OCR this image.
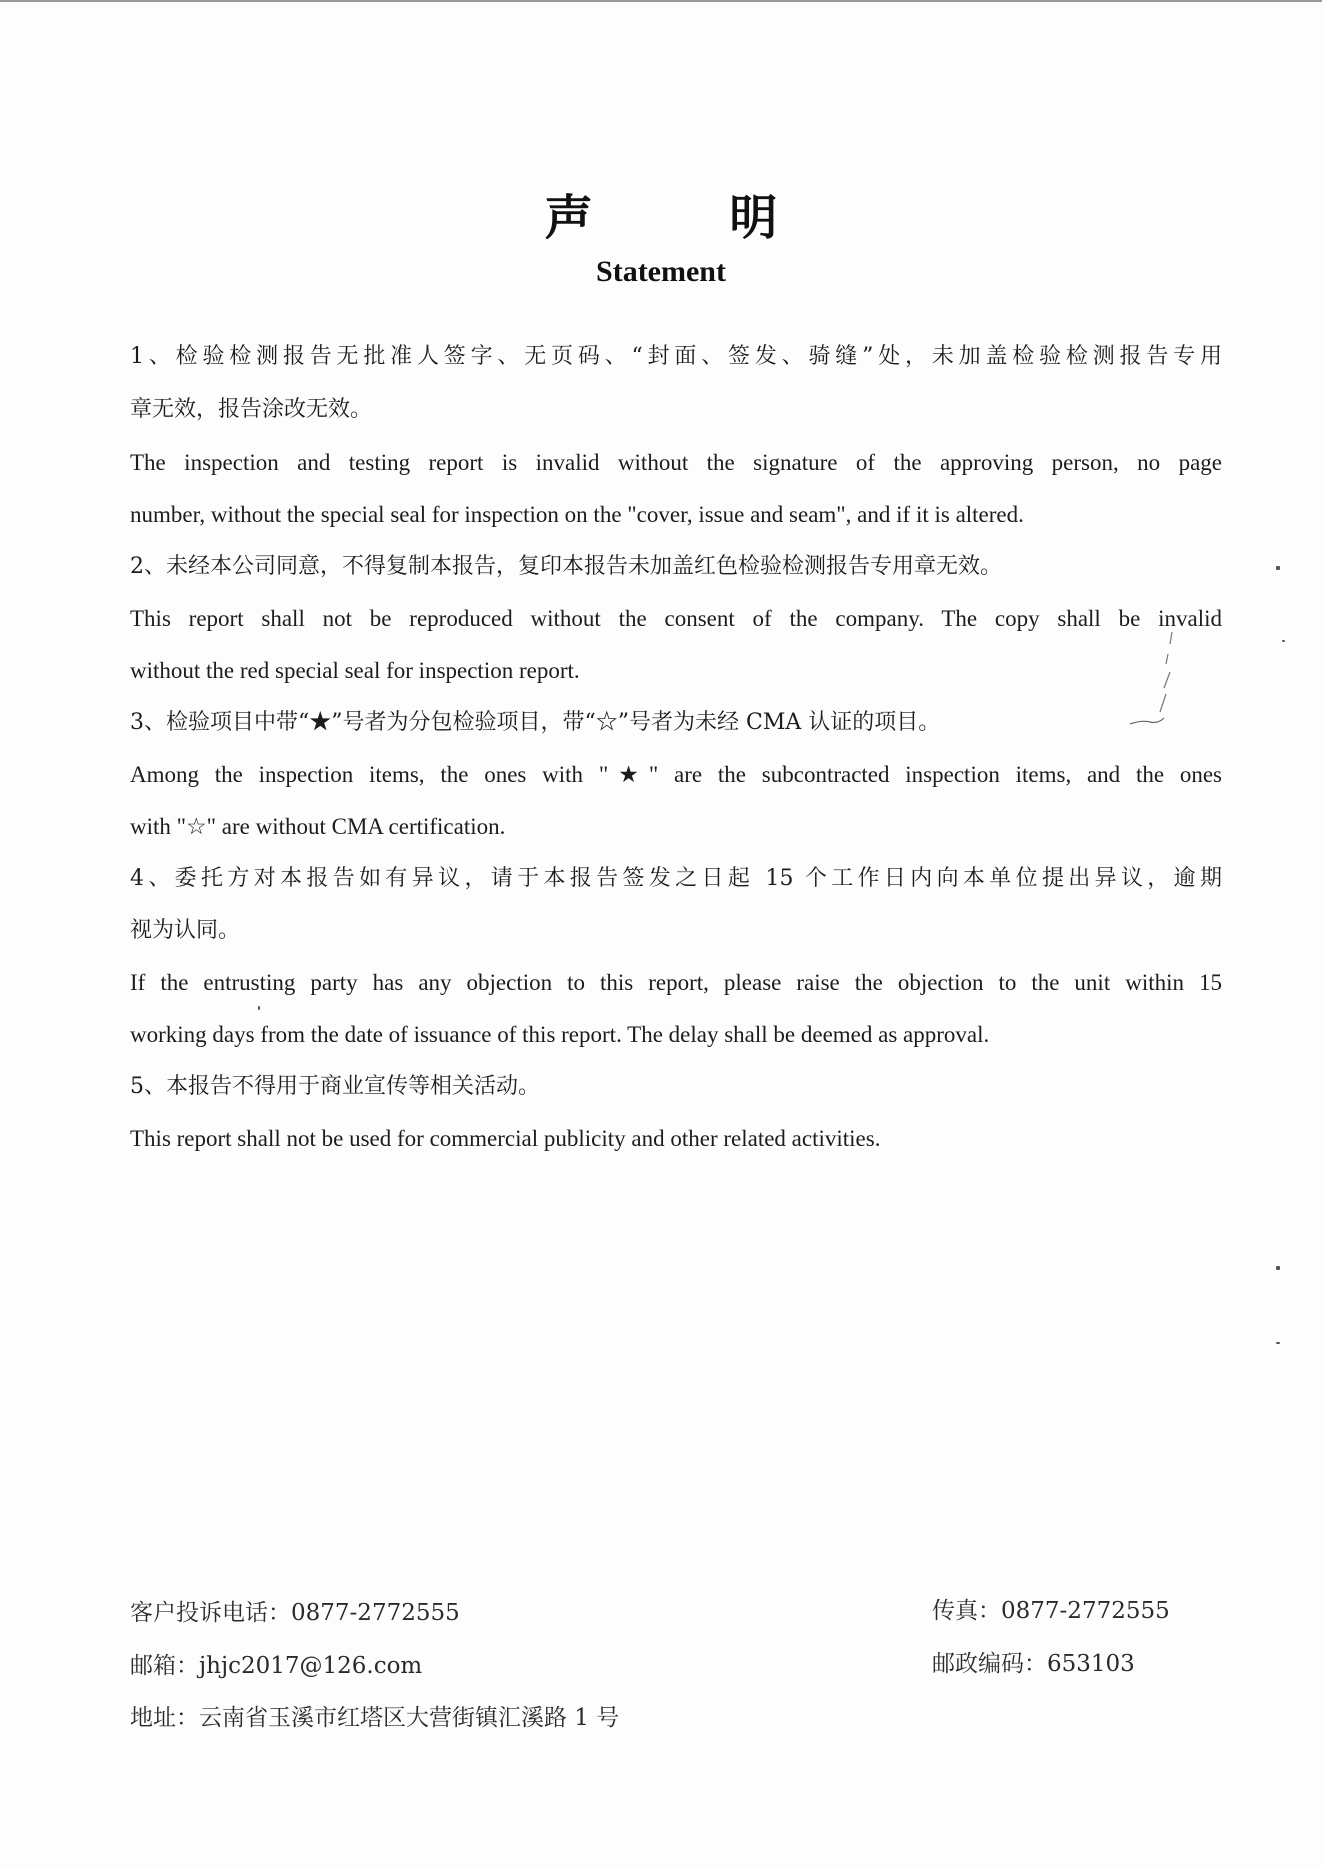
声 明
Statement
1、检验检测报告无批准人签字、无页码、“封面、签发、骑缝”处，未加盖检验检测报告专用
章无效，报告涂改无效。
The inspection and testing report is invalid without the signature of the approving person, no page
number, without the special seal for inspection on the "cover, issue and seam", and if it is altered.
2、未经本公司同意，不得复制本报告，复印本报告未加盖红色检验检测报告专用章无效。
This report shall not be reproduced without the consent of the company. The copy shall be invalid
without the red special seal for inspection report.
3、检验项目中带“★”号者为分包检验项目，带“☆”号者为未经 CMA 认证的项目。
Among the inspection items, the ones with "★" are the subcontracted inspection items, and the ones
with "☆" are without CMA certification.
4、委托方对本报告如有异议，请于本报告签发之日起 15 个工作日内向本单位提出异议，逾期
视为认同。
If the entrusting party has any objection to this report, please raise the objection to the unit within 15
working days from the date of issuance of this report. The delay shall be deemed as approval.
5、本报告不得用于商业宣传等相关活动。
This report shall not be used for commercial publicity and other related activities.
客户投诉电话：0877-2772555	传真：0877-2772555
邮箱：jhjc2017@126.com	邮政编码：653103
地址：云南省玉溪市红塔区大营街镇汇溪路 1 号
